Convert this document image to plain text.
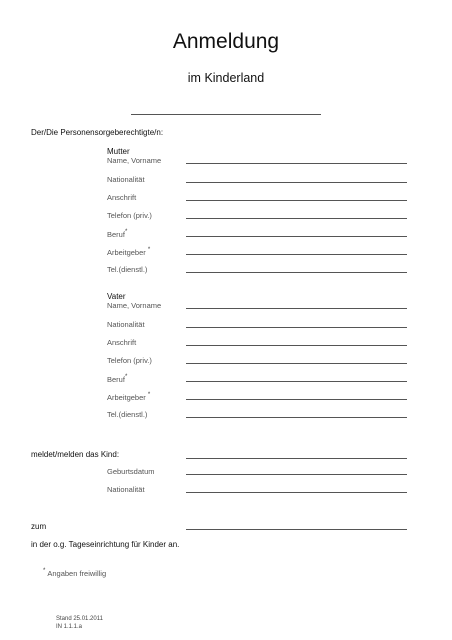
Anmeldung
im Kinderland
Der/Die Personensorgeberechtigte/n:
Mutter
Name, Vorname
Nationalität
Anschrift
Telefon (priv.)
Beruf*
Arbeitgeber *
Tel.(dienstl.)
Vater
Name, Vorname
Nationalität
Anschrift
Telefon (priv.)
Beruf*
Arbeitgeber *
Tel.(dienstl.)
meldet/melden das Kind:
Geburtsdatum
Nationalität
zum
in der o.g. Tageseinrichtung für Kinder an.
* Angaben freiwillig
Stand 25.01.2011
IN 1.1.1.a
